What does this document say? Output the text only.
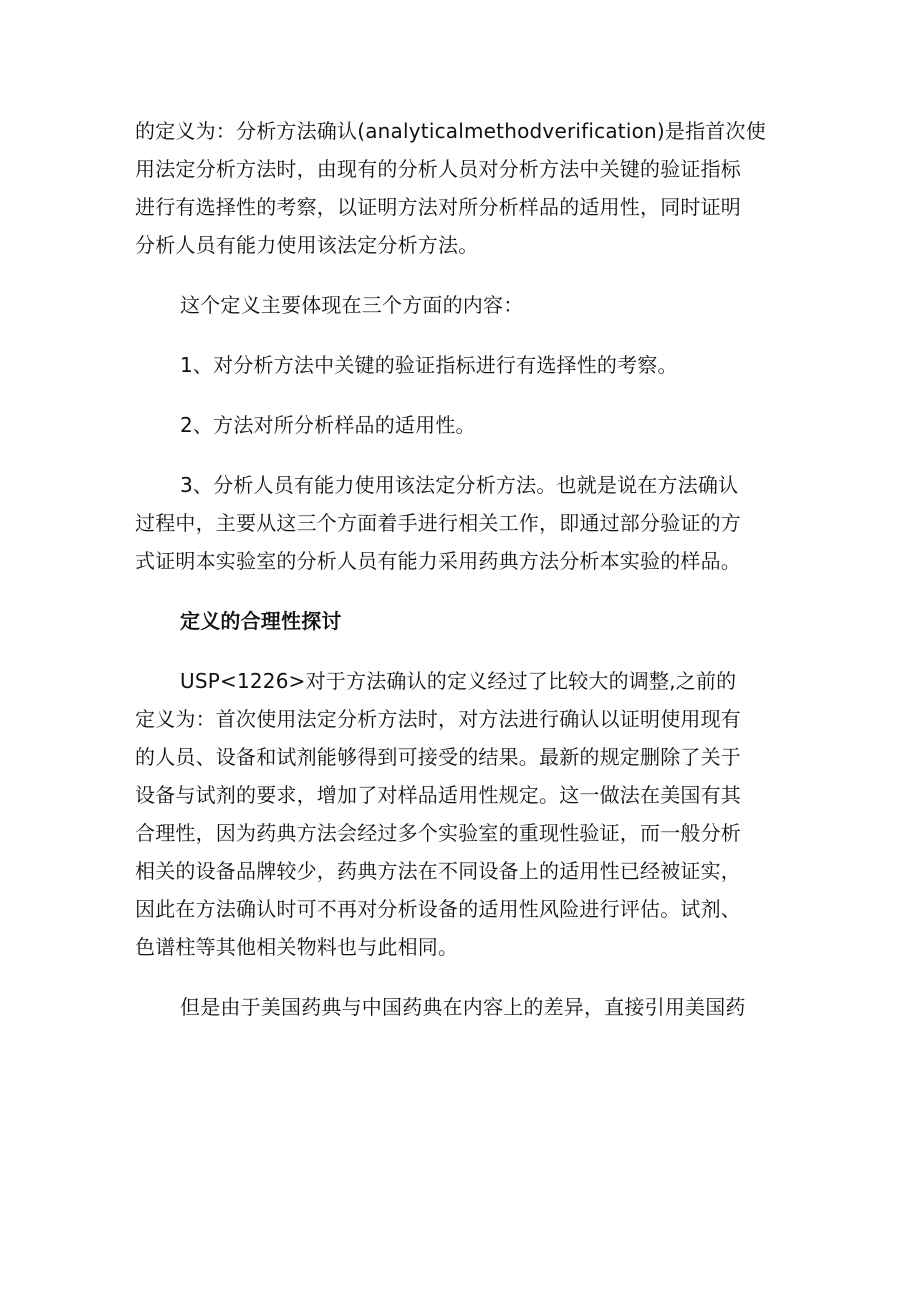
的定义为：分析方法确认(analyticalmethodverification)是指首次使
用法定分析方法时，由现有的分析人员对分析方法中关键的验证指标
进行有选择性的考察，以证明方法对所分析样品的适用性，同时证明
分析人员有能力使用该法定分析方法。

这个定义主要体现在三个方面的内容：

1、对分析方法中关键的验证指标进行有选择性的考察。

2、方法对所分析样品的适用性。

3、分析人员有能力使用该法定分析方法。也就是说在方法确认
过程中，主要从这三个方面着手进行相关工作，即通过部分验证的方
式证明本实验室的分析人员有能力采用药典方法分析本实验的样品。

定义的合理性探讨

USP<1226>对于方法确认的定义经过了比较大的调整,之前的
定义为：首次使用法定分析方法时，对方法进行确认以证明使用现有
的人员、设备和试剂能够得到可接受的结果。最新的规定删除了关于
设备与试剂的要求，增加了对样品适用性规定。这一做法在美国有其
合理性，因为药典方法会经过多个实验室的重现性验证，而一般分析
相关的设备品牌较少，药典方法在不同设备上的适用性已经被证实，
因此在方法确认时可不再对分析设备的适用性风险进行评估。试剂、
色谱柱等其他相关物料也与此相同。

但是由于美国药典与中国药典在内容上的差异，直接引用美国药
